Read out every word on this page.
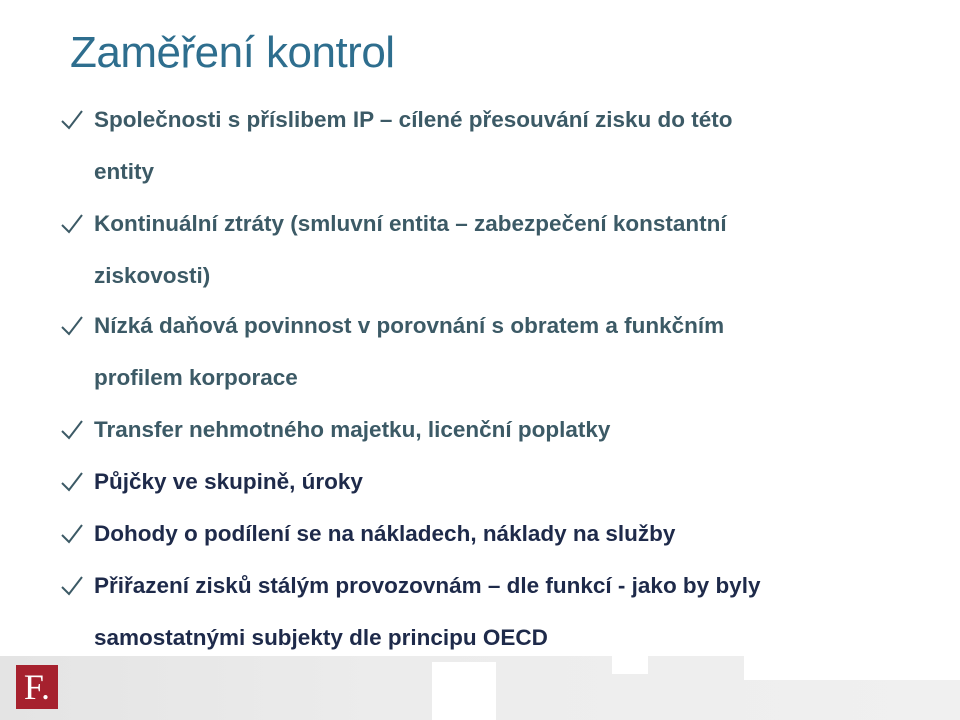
Zaměření kontrol
Společnosti s příslibem IP – cílené přesouvání zisku do této
entity
Kontinuální ztráty (smluvní entita – zabezpečení konstantní
ziskovosti)
Nízká daňová povinnost v porovnání s obratem a funkčním
profilem korporace
Transfer nehmotného majetku, licenční poplatky
Půjčky ve skupině, úroky
Dohody o podílení se na nákladech, náklady na služby
Přiřazení zisků stálým provozovnám – dle funkcí - jako by byly
samostatnými subjekty dle principu OECD
F.
